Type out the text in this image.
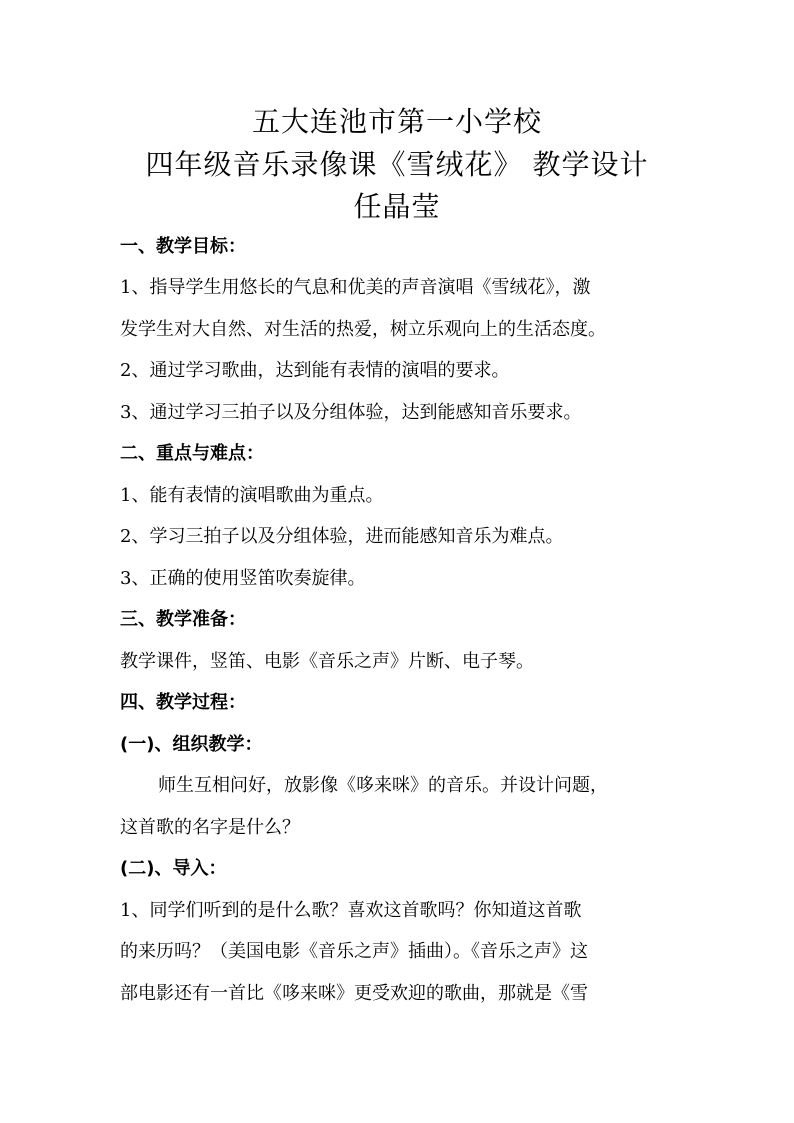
五大连池市第一小学校
四年级音乐录像课《雪绒花》 教学设计
任晶莹
一、教学目标：
1、指导学生用悠长的气息和优美的声音演唱《雪绒花》，激
发学生对大自然、对生活的热爱，树立乐观向上的生活态度。
2、通过学习歌曲，达到能有表情的演唱的要求。
3、通过学习三拍子以及分组体验，达到能感知音乐要求。
二、重点与难点：
1、能有表情的演唱歌曲为重点。
2、学习三拍子以及分组体验，进而能感知音乐为难点。
3、正确的使用竖笛吹奏旋律。
三、教学准备：
教学课件，竖笛、电影《音乐之声》片断、电子琴。
四、教学过程：
(一)、组织教学：
师生互相问好，放影像《哆来咪》的音乐。并设计问题，
这首歌的名字是什么？
(二)、导入：
1、同学们听到的是什么歌？喜欢这首歌吗？你知道这首歌
的来历吗？（美国电影《音乐之声》插曲）。《音乐之声》这
部电影还有一首比《哆来咪》更受欢迎的歌曲，那就是《雪
